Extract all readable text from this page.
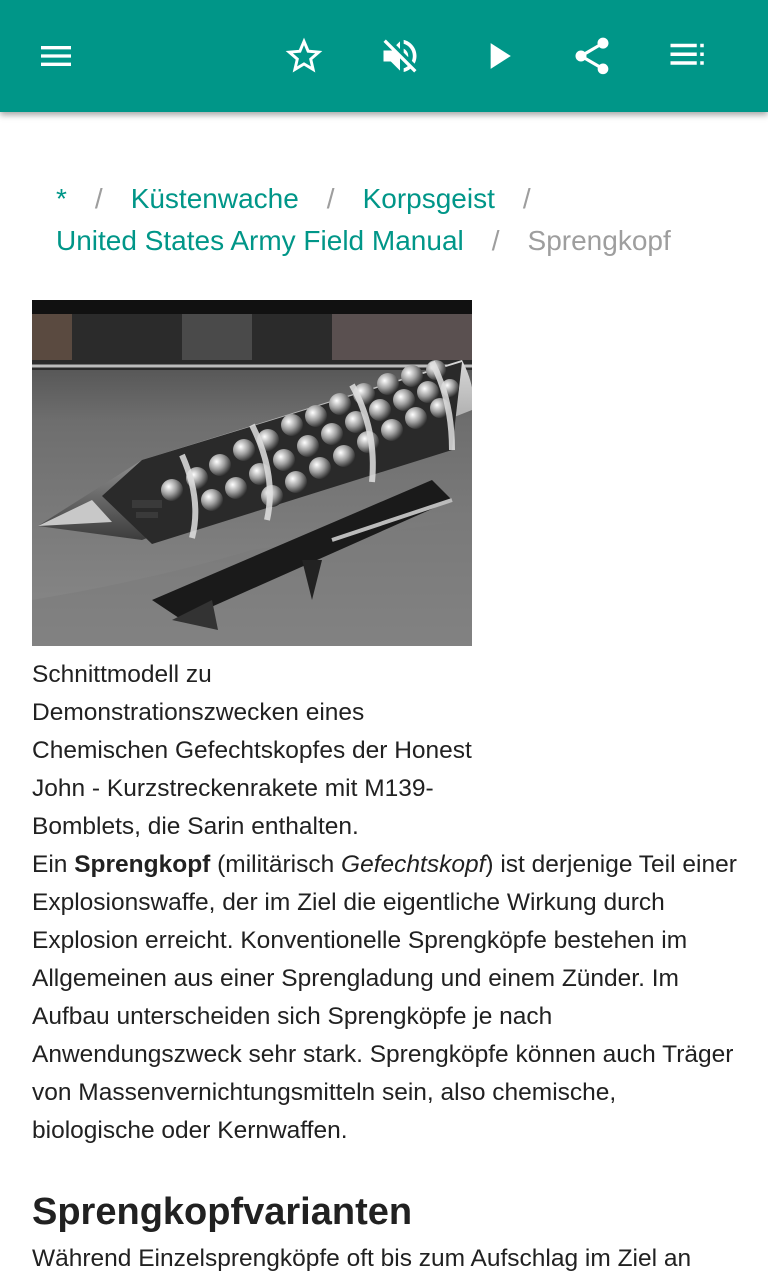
* / Küstenwache / Korpsgeist /
United States Army Field Manual / Sprengkopf
Schnittmodell zu Demonstrationszwecken eines Chemischen Gefechtskopfes der Honest John - Kurzstreckenrakete mit M139-Bomblets, die Sarin enthalten.
Ein Sprengkopf (militärisch Gefechtskopf) ist derjenige Teil einer Explosionswaffe, der im Ziel die eigentliche Wirkung durch Explosion erreicht. Konventionelle Sprengköpfe bestehen im Allgemeinen aus einer Sprengladung und einem Zünder. Im Aufbau unterscheiden sich Sprengköpfe je nach Anwendungszweck sehr stark. Sprengköpfe können auch Träger von Massenvernichtungsmitteln sein, also chemische, biologische oder Kernwaffen.
Sprengkopfvarianten
Während Einzelsprengköpfe oft bis zum Aufschlag im Ziel an
